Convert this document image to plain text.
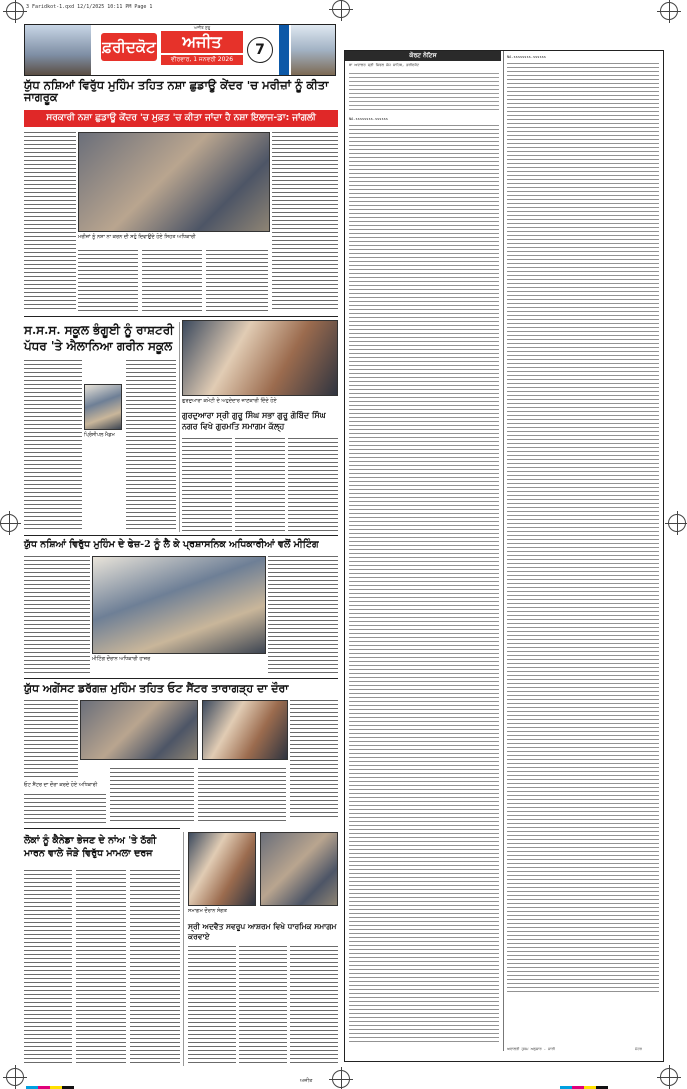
3 Faridkot-1.qxd 12/1/2025 10:11 PM Page 1
ਫ਼ਰੀਦਕੋਟ	ਅਜੀਤ
ਵੀਰਵਾਰ, 1 ਜਨਵਰੀ 2026
ਅਜੀਤ ਸ਼ੁਰੂ
7
ਯੁੱਧ ਨਸ਼ਿਆਂ ਵਿਰੁੱਧ ਮੁਹਿੰਮ ਤਹਿਤ ਨਸ਼ਾ ਛੁਡਾਊ ਕੇਂਦਰ 'ਚ ਮਰੀਜ਼ਾਂ ਨੂੰ ਕੀਤਾ ਜਾਗਰੂਕ
ਸਰਕਾਰੀ ਨਸ਼ਾ ਛੁਡਾਊ ਕੇਂਦਰ 'ਚ ਮੁਫ਼ਤ 'ਚ ਕੀਤਾ ਜਾਂਦਾ ਹੈ ਨਸ਼ਾ ਇਲਾਜ-ਡਾ: ਜਾਂਗਲੀ
ਮਰੀਜ਼ਾਂ ਨੂੰ ਨਸ਼ਾ ਨਾ ਕਰਨ ਦੀ ਸਹੁੰ ਦਿਵਾਉਂਦੇ ਹੋਏ ਸਿਹਤ ਅਧਿਕਾਰੀ
ਸ.ਸ.ਸ. ਸਕੂਲ ਭੰਗੂਈ ਨੂੰ ਰਾਸ਼ਟਰੀ ਪੱਧਰ 'ਤੇ ਐਲਾਨਿਆ ਗਰੀਨ ਸਕੂਲ
ਪ੍ਰਿੰਸੀਪਲ ਮੈਡਮ
ਗੁਰਦੁਆਰਾ ਕਮੇਟੀ ਦੇ ਅਹੁਦੇਦਾਰ ਜਾਣਕਾਰੀ ਦਿੰਦੇ ਹੋਏ
ਗੁਰਦੁਆਰਾ ਸ੍ਰੀ ਗੁਰੂ ਸਿੰਘ ਸਭਾ ਗੁਰੂ ਗੋਬਿੰਦ ਸਿੰਘ ਨਗਰ ਵਿਖੇ ਗੁਰਮਤਿ ਸਮਾਗਮ ਕੱਲ੍ਹ
ਯੁੱਧ ਨਸ਼ਿਆਂ ਵਿਰੁੱਧ ਮੁਹਿੰਮ ਦੇ ਫੇਜ਼-2 ਨੂੰ ਲੈ ਕੇ ਪ੍ਰਸ਼ਾਸਨਿਕ ਅਧਿਕਾਰੀਆਂ ਵਲੋਂ ਮੀਟਿੰਗ
ਮੀਟਿੰਗ ਦੌਰਾਨ ਅਧਿਕਾਰੀ ਹਾਜ਼ਰ
ਯੁੱਧ ਅਗੇਂਸਟ ਡਰੱਗਜ਼ ਮੁਹਿੰਮ ਤਹਿਤ ਓਟ ਸੈਂਟਰ ਤਾਰਾਗੜ੍ਹ ਦਾ ਦੌਰਾ
ਓਟ ਸੈਂਟਰ ਦਾ ਦੌਰਾ ਕਰਦੇ ਹੋਏ ਅਧਿਕਾਰੀ
ਲੋਕਾਂ ਨੂੰ ਕੈਨੇਡਾ ਭੇਜਣ ਦੇ ਨਾਂਅ 'ਤੇ ਠੱਗੀ ਮਾਰਨ ਵਾਲੇ ਜੋੜੇ ਵਿਰੁੱਧ ਮਾਮਲਾ ਦਰਜ
ਸਮਾਗਮ ਦੌਰਾਨ ਸੰਗਤ
ਸ੍ਰੀ ਅਦਵੈਤ ਸਵਰੂਪ ਆਸ਼ਰਮ ਵਿਖੇ ਧਾਰਮਿਕ ਸਮਾਗਮ ਕਰਵਾਏ
ਕੋਰਟ ਨੋਟਿਸ
ਬਾ ਅਦਾਲਤ ਸ੍ਰੀ ਸਿਵਲ ਜੱਜ ਸਾਹਿਬ, ਫ਼ਰੀਦਕੋਟ
NA-ssssssss-ssssss
NA-ssssssss-ssssss
ਅਦਾਲਤੀ ਹੁਕਮ ਅਨੁਸਾਰ - ਜਾਰੀ	ਮੋਹਰ
ਅਜੀਤ
